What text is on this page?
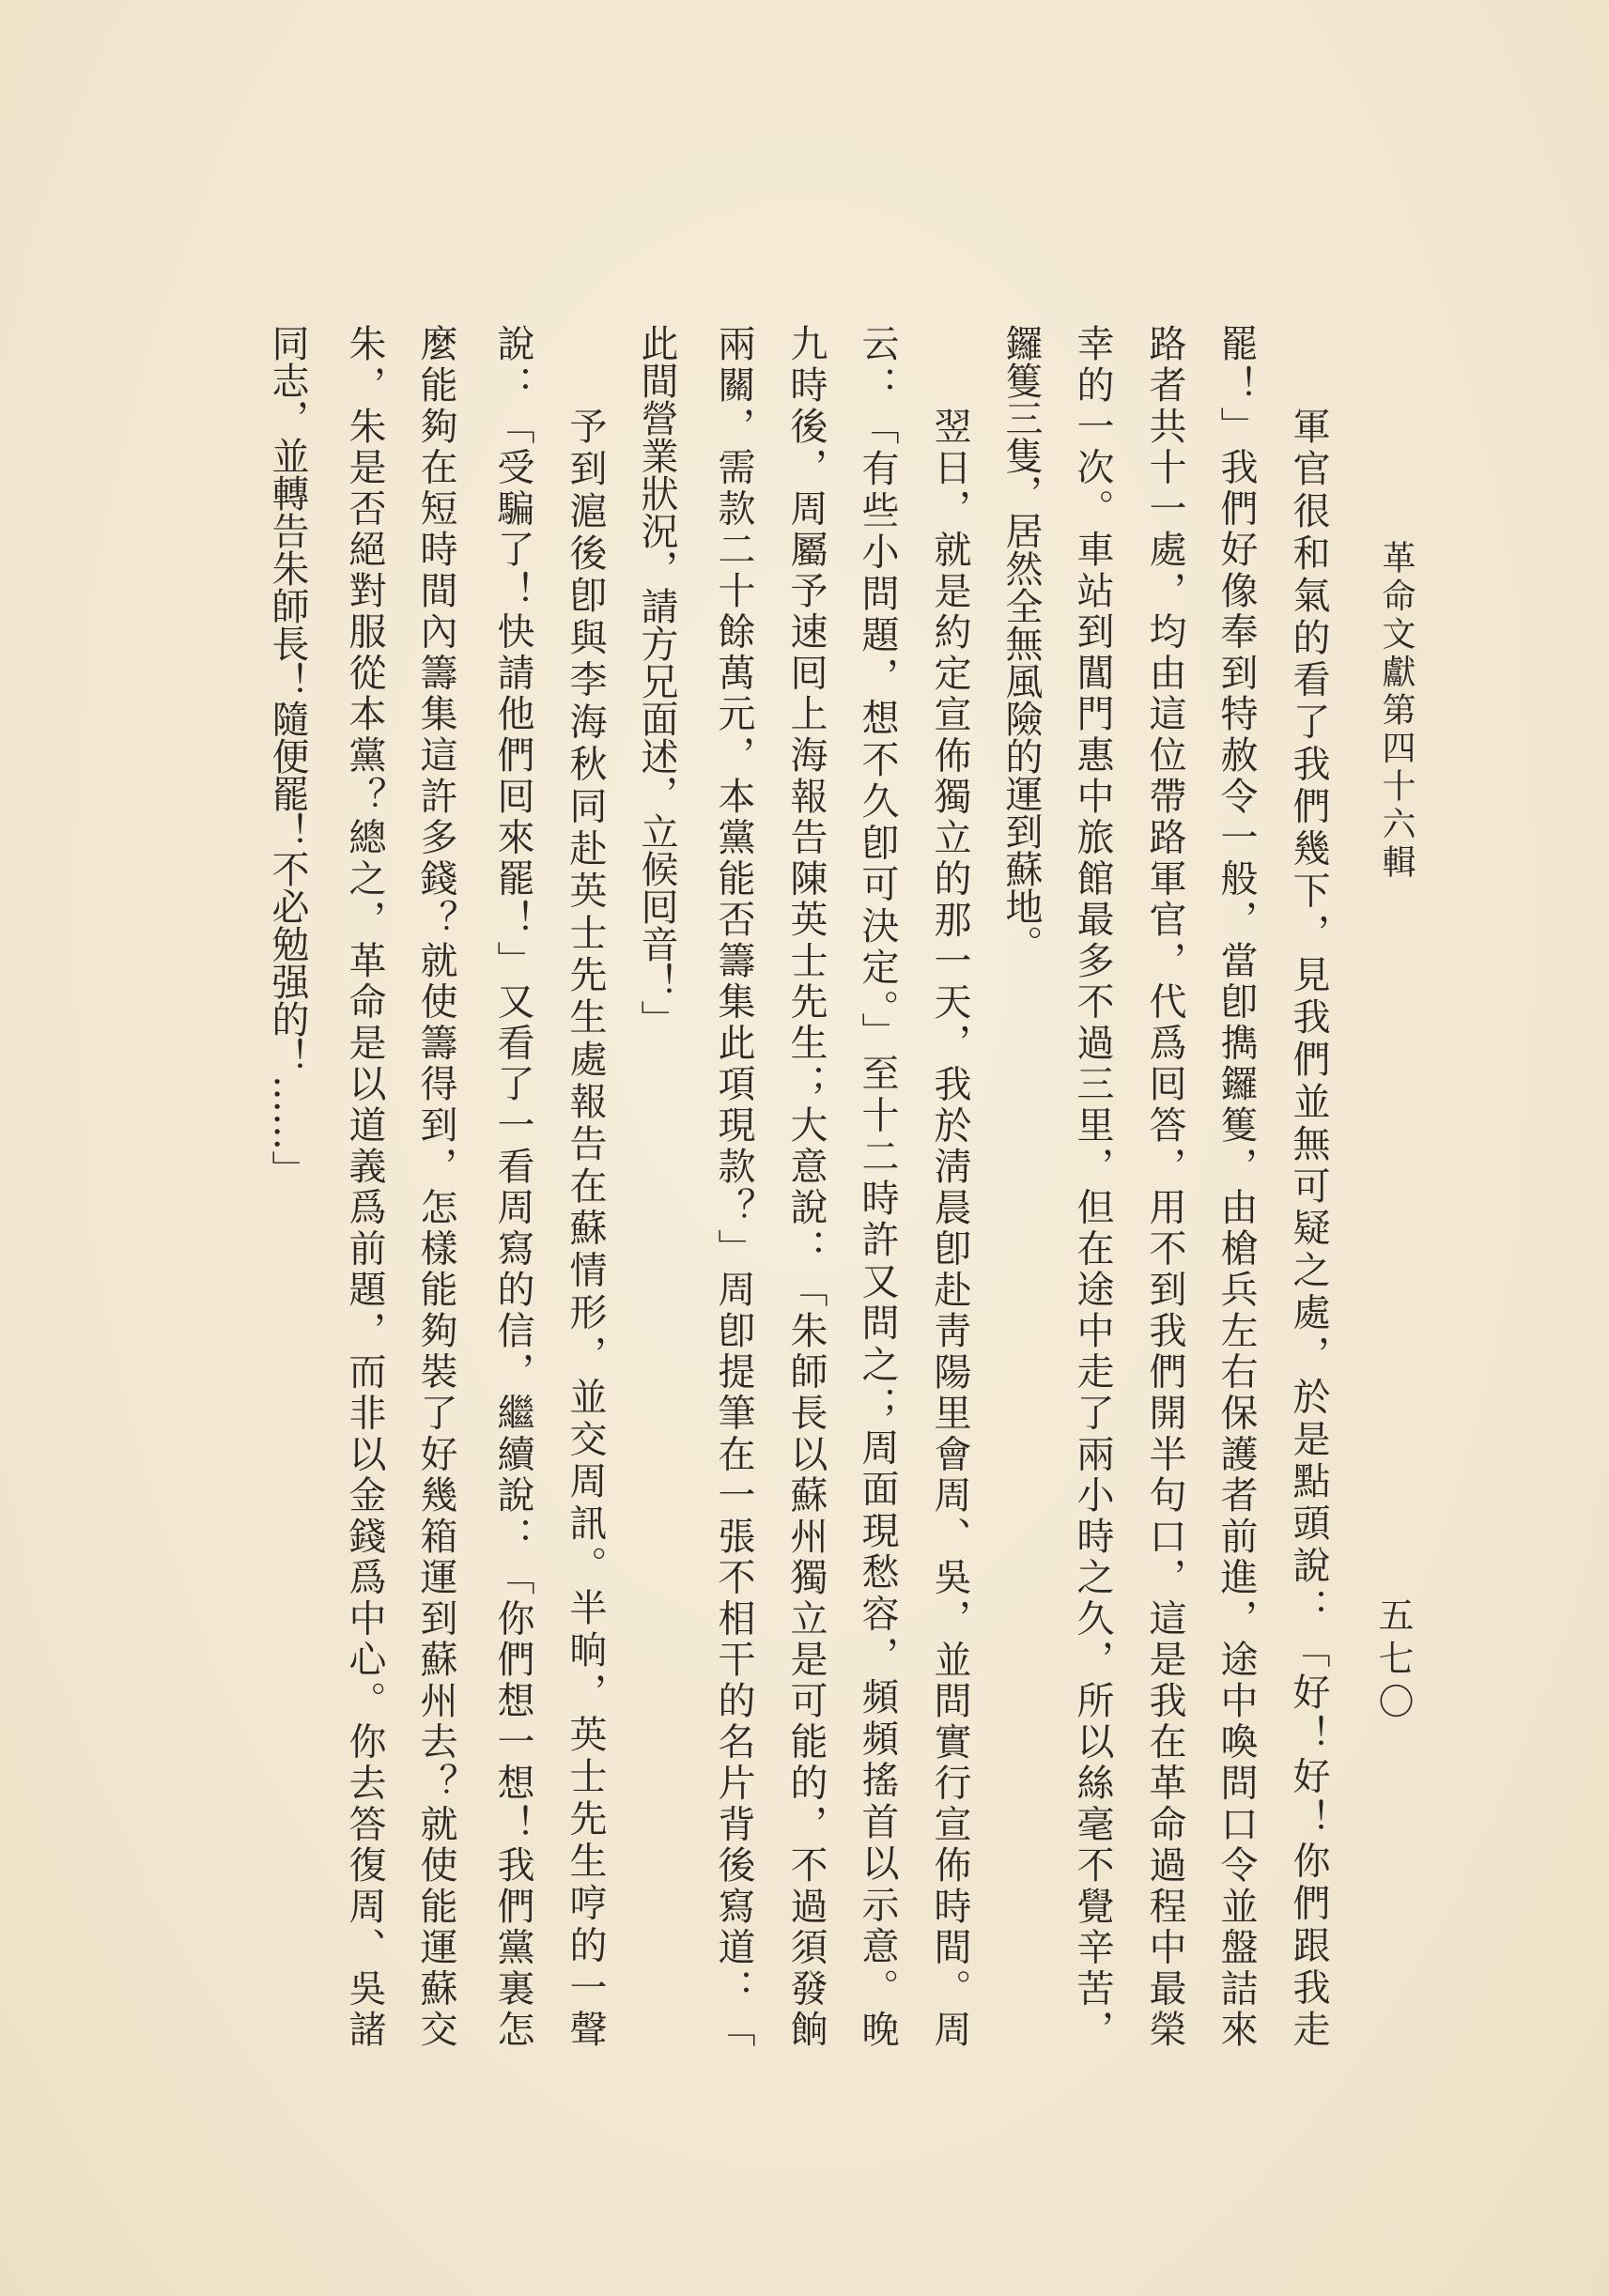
革命文獻第四十六輯
五七〇
軍官很和氣的看了我們幾下，見我們並無可疑之處，於是點頭說：「好！好！你們跟我走
罷！」我們好像奉到特赦令一般，當卽擕鑼篗，由槍兵左右保護者前進，途中喚問口令並盤詰來
路者共十一處，均由這位帶路軍官，代爲囘答，用不到我們開半句口，這是我在革命過程中最榮
幸的一次。車站到閶門惠中旅館最多不過三里，但在途中走了兩小時之久，所以絲毫不覺辛苦，
鑼篗三隻，居然全無風險的運到蘇地。
翌日，就是約定宣佈獨立的那一天，我於淸晨卽赴靑陽里會周、吳，並問實行宣佈時間。周
云：「有些小問題，想不久卽可決定。」至十二時許又問之；周面現愁容，頻頻搖首以示意。晚
九時後，周屬予速囘上海報告陳英士先生；大意說：「朱師長以蘇州獨立是可能的，不過須發餉
兩關，需款二十餘萬元，本黨能否籌集此項現款？」周卽提筆在一張不相干的名片背後寫道：「
此間營業狀況，請方兄面述，立候囘音！」
予到滬後卽與李海秋同赴英士先生處報告在蘇情形，並交周訊。半晌，英士先生哼的一聲
說：「受騙了！快請他們囘來罷！」又看了一看周寫的信，繼續說：「你們想一想！我們黨裏怎
麼能夠在短時間內籌集這許多錢？就使籌得到，怎樣能夠裝了好幾箱運到蘇州去？就使能運蘇交
朱，朱是否絕對服從本黨？總之，革命是以道義爲前題，而非以金錢爲中心。你去答復周、吳諸
同志，並轉告朱師長！隨便罷！不必勉强的！……」
